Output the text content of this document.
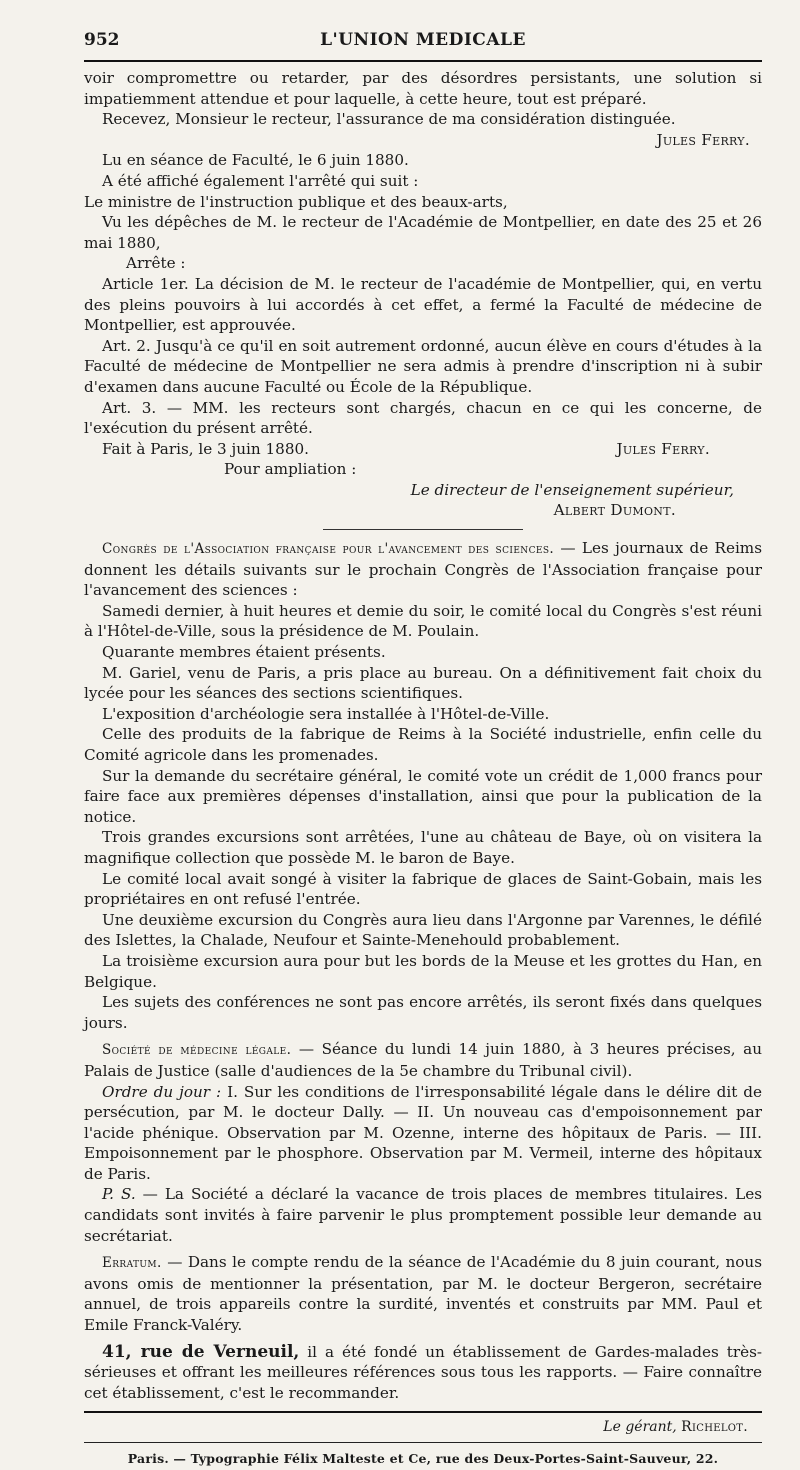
952	L'UNION MEDICALE

voir compromettre ou retarder, par des désordres persistants, une solution si impatiemment attendue et pour laquelle, à cette heure, tout est préparé.

Recevez, Monsieur le recteur, l'assurance de ma considération distinguée.

Jules Ferry.

Lu en séance de Faculté, le 6 juin 1880.

A été affiché également l'arrêté qui suit :

Le ministre de l'instruction publique et des beaux-arts,

Vu les dépêches de M. le recteur de l'Académie de Montpellier, en date des 25 et 26 mai 1880,

Arrête :

Article 1er. La décision de M. le recteur de l'académie de Montpellier, qui, en vertu des pleins pouvoirs à lui accordés à cet effet, a fermé la Faculté de médecine de Montpellier, est approuvée.

Art. 2. Jusqu'à ce qu'il en soit autrement ordonné, aucun élève en cours d'études à la Faculté de médecine de Montpellier ne sera admis à prendre d'inscription ni à subir d'examen dans aucune Faculté ou École de la République.

Art. 3. — MM. les recteurs sont chargés, chacun en ce qui les concerne, de l'exécution du présent arrêté.

Fait à Paris, le 3 juin 1880.	Jules Ferry.

Pour ampliation :

Le directeur de l'enseignement supérieur,

Albert Dumont.

Congrès de l'Association française pour l'avancement des sciences. — Les journaux de Reims donnent les détails suivants sur le prochain Congrès de l'Association française pour l'avancement des sciences :

Samedi dernier, à huit heures et demie du soir, le comité local du Congrès s'est réuni à l'Hôtel-de-Ville, sous la présidence de M. Poulain.

Quarante membres étaient présents.

M. Gariel, venu de Paris, a pris place au bureau. On a définitivement fait choix du lycée pour les séances des sections scientifiques.

L'exposition d'archéologie sera installée à l'Hôtel-de-Ville.

Celle des produits de la fabrique de Reims à la Société industrielle, enfin celle du Comité agricole dans les promenades.

Sur la demande du secrétaire général, le comité vote un crédit de 1,000 francs pour faire face aux premières dépenses d'installation, ainsi que pour la publication de la notice.

Trois grandes excursions sont arrêtées, l'une au château de Baye, où on visitera la magnifique collection que possède M. le baron de Baye.

Le comité local avait songé à visiter la fabrique de glaces de Saint-Gobain, mais les propriétaires en ont refusé l'entrée.

Une deuxième excursion du Congrès aura lieu dans l'Argonne par Varennes, le défilé des Islettes, la Chalade, Neufour et Sainte-Menehould probablement.

La troisième excursion aura pour but les bords de la Meuse et les grottes du Han, en Belgique.

Les sujets des conférences ne sont pas encore arrêtés, ils seront fixés dans quelques jours.

Société de médecine légale. — Séance du lundi 14 juin 1880, à 3 heures précises, au Palais de Justice (salle d'audiences de la 5e chambre du Tribunal civil).

Ordre du jour : I. Sur les conditions de l'irresponsabilité légale dans le délire dit de persécution, par M. le docteur Dally. — II. Un nouveau cas d'empoisonnement par l'acide phénique. Observation par M. Ozenne, interne des hôpitaux de Paris. — III. Empoisonnement par le phosphore. Observation par M. Vermeil, interne des hôpitaux de Paris.

P. S. — La Société a déclaré la vacance de trois places de membres titulaires. Les candidats sont invités à faire parvenir le plus promptement possible leur demande au secrétariat.

Erratum. — Dans le compte rendu de la séance de l'Académie du 8 juin courant, nous avons omis de mentionner la présentation, par M. le docteur Bergeron, secrétaire annuel, de trois appareils contre la surdité, inventés et construits par MM. Paul et Emile Franck-Valéry.

41, rue de Verneuil, il a été fondé un établissement de Gardes-malades très-sérieuses et offrant les meilleures références sous tous les rapports. — Faire connaître cet établissement, c'est le recommander.

Le gérant, Richelot.

Paris. — Typographie Félix Malteste et Ce, rue des Deux-Portes-Saint-Sauveur, 22.
